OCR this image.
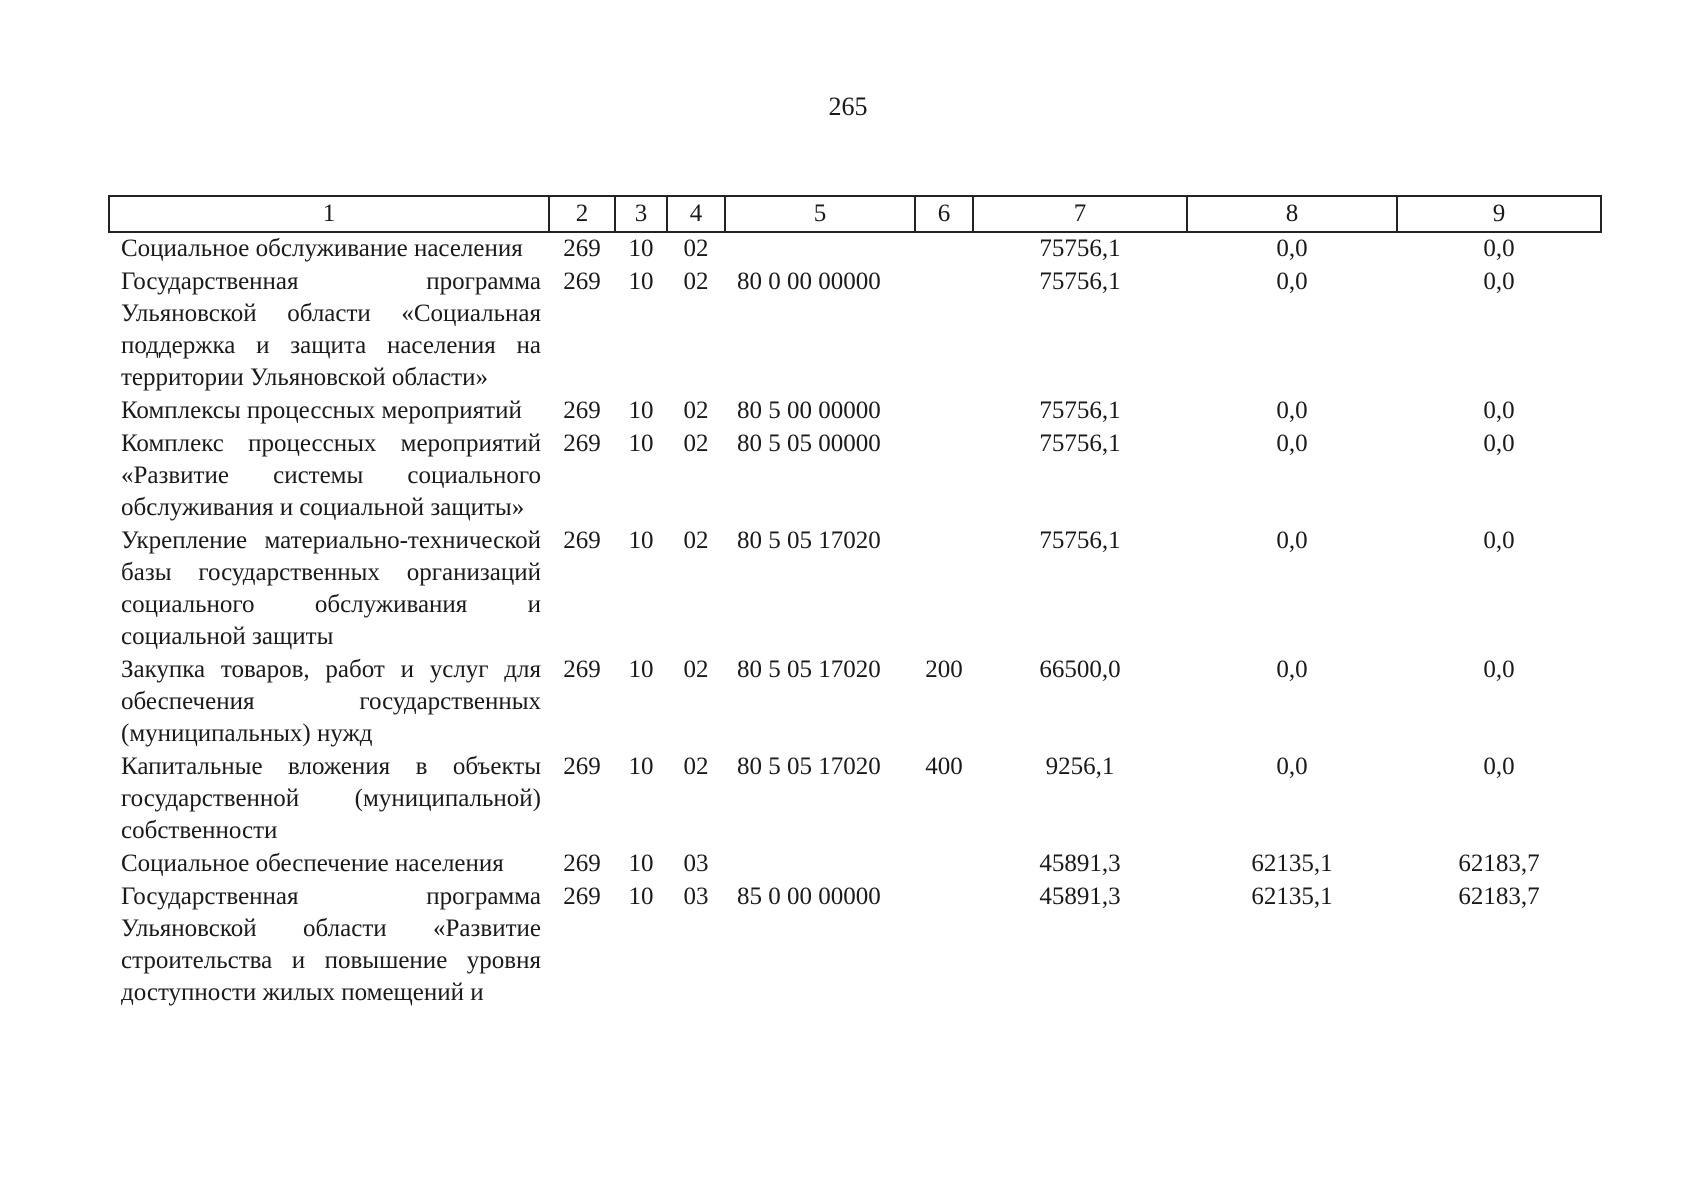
265
1	2	3	4	5	6	7	8	9
Социальное обслуживание населения	269	10	02			75756,1	0,0	0,0
Государственная программа Ульяновской области «Социальная поддержка и защита населения на территории Ульяновской области»	269	10	02	80 0 00 00000		75756,1	0,0	0,0
Комплексы процессных мероприятий	269	10	02	80 5 00 00000		75756,1	0,0	0,0
Комплекс процессных мероприятий «Развитие системы социального обслуживания и социальной защиты»	269	10	02	80 5 05 00000		75756,1	0,0	0,0
Укрепление материально-технической базы государственных организаций социального обслуживания и социальной защиты	269	10	02	80 5 05 17020		75756,1	0,0	0,0
Закупка товаров, работ и услуг для обеспечения государственных (муниципальных) нужд	269	10	02	80 5 05 17020	200	66500,0	0,0	0,0
Капитальные вложения в объекты государственной (муниципальной) собственности	269	10	02	80 5 05 17020	400	9256,1	0,0	0,0
Социальное обеспечение населения	269	10	03			45891,3	62135,1	62183,7
Государственная программа Ульяновской области «Развитие строительства и повышение уровня доступности жилых помещений и	269	10	03	85 0 00 00000		45891,3	62135,1	62183,7
